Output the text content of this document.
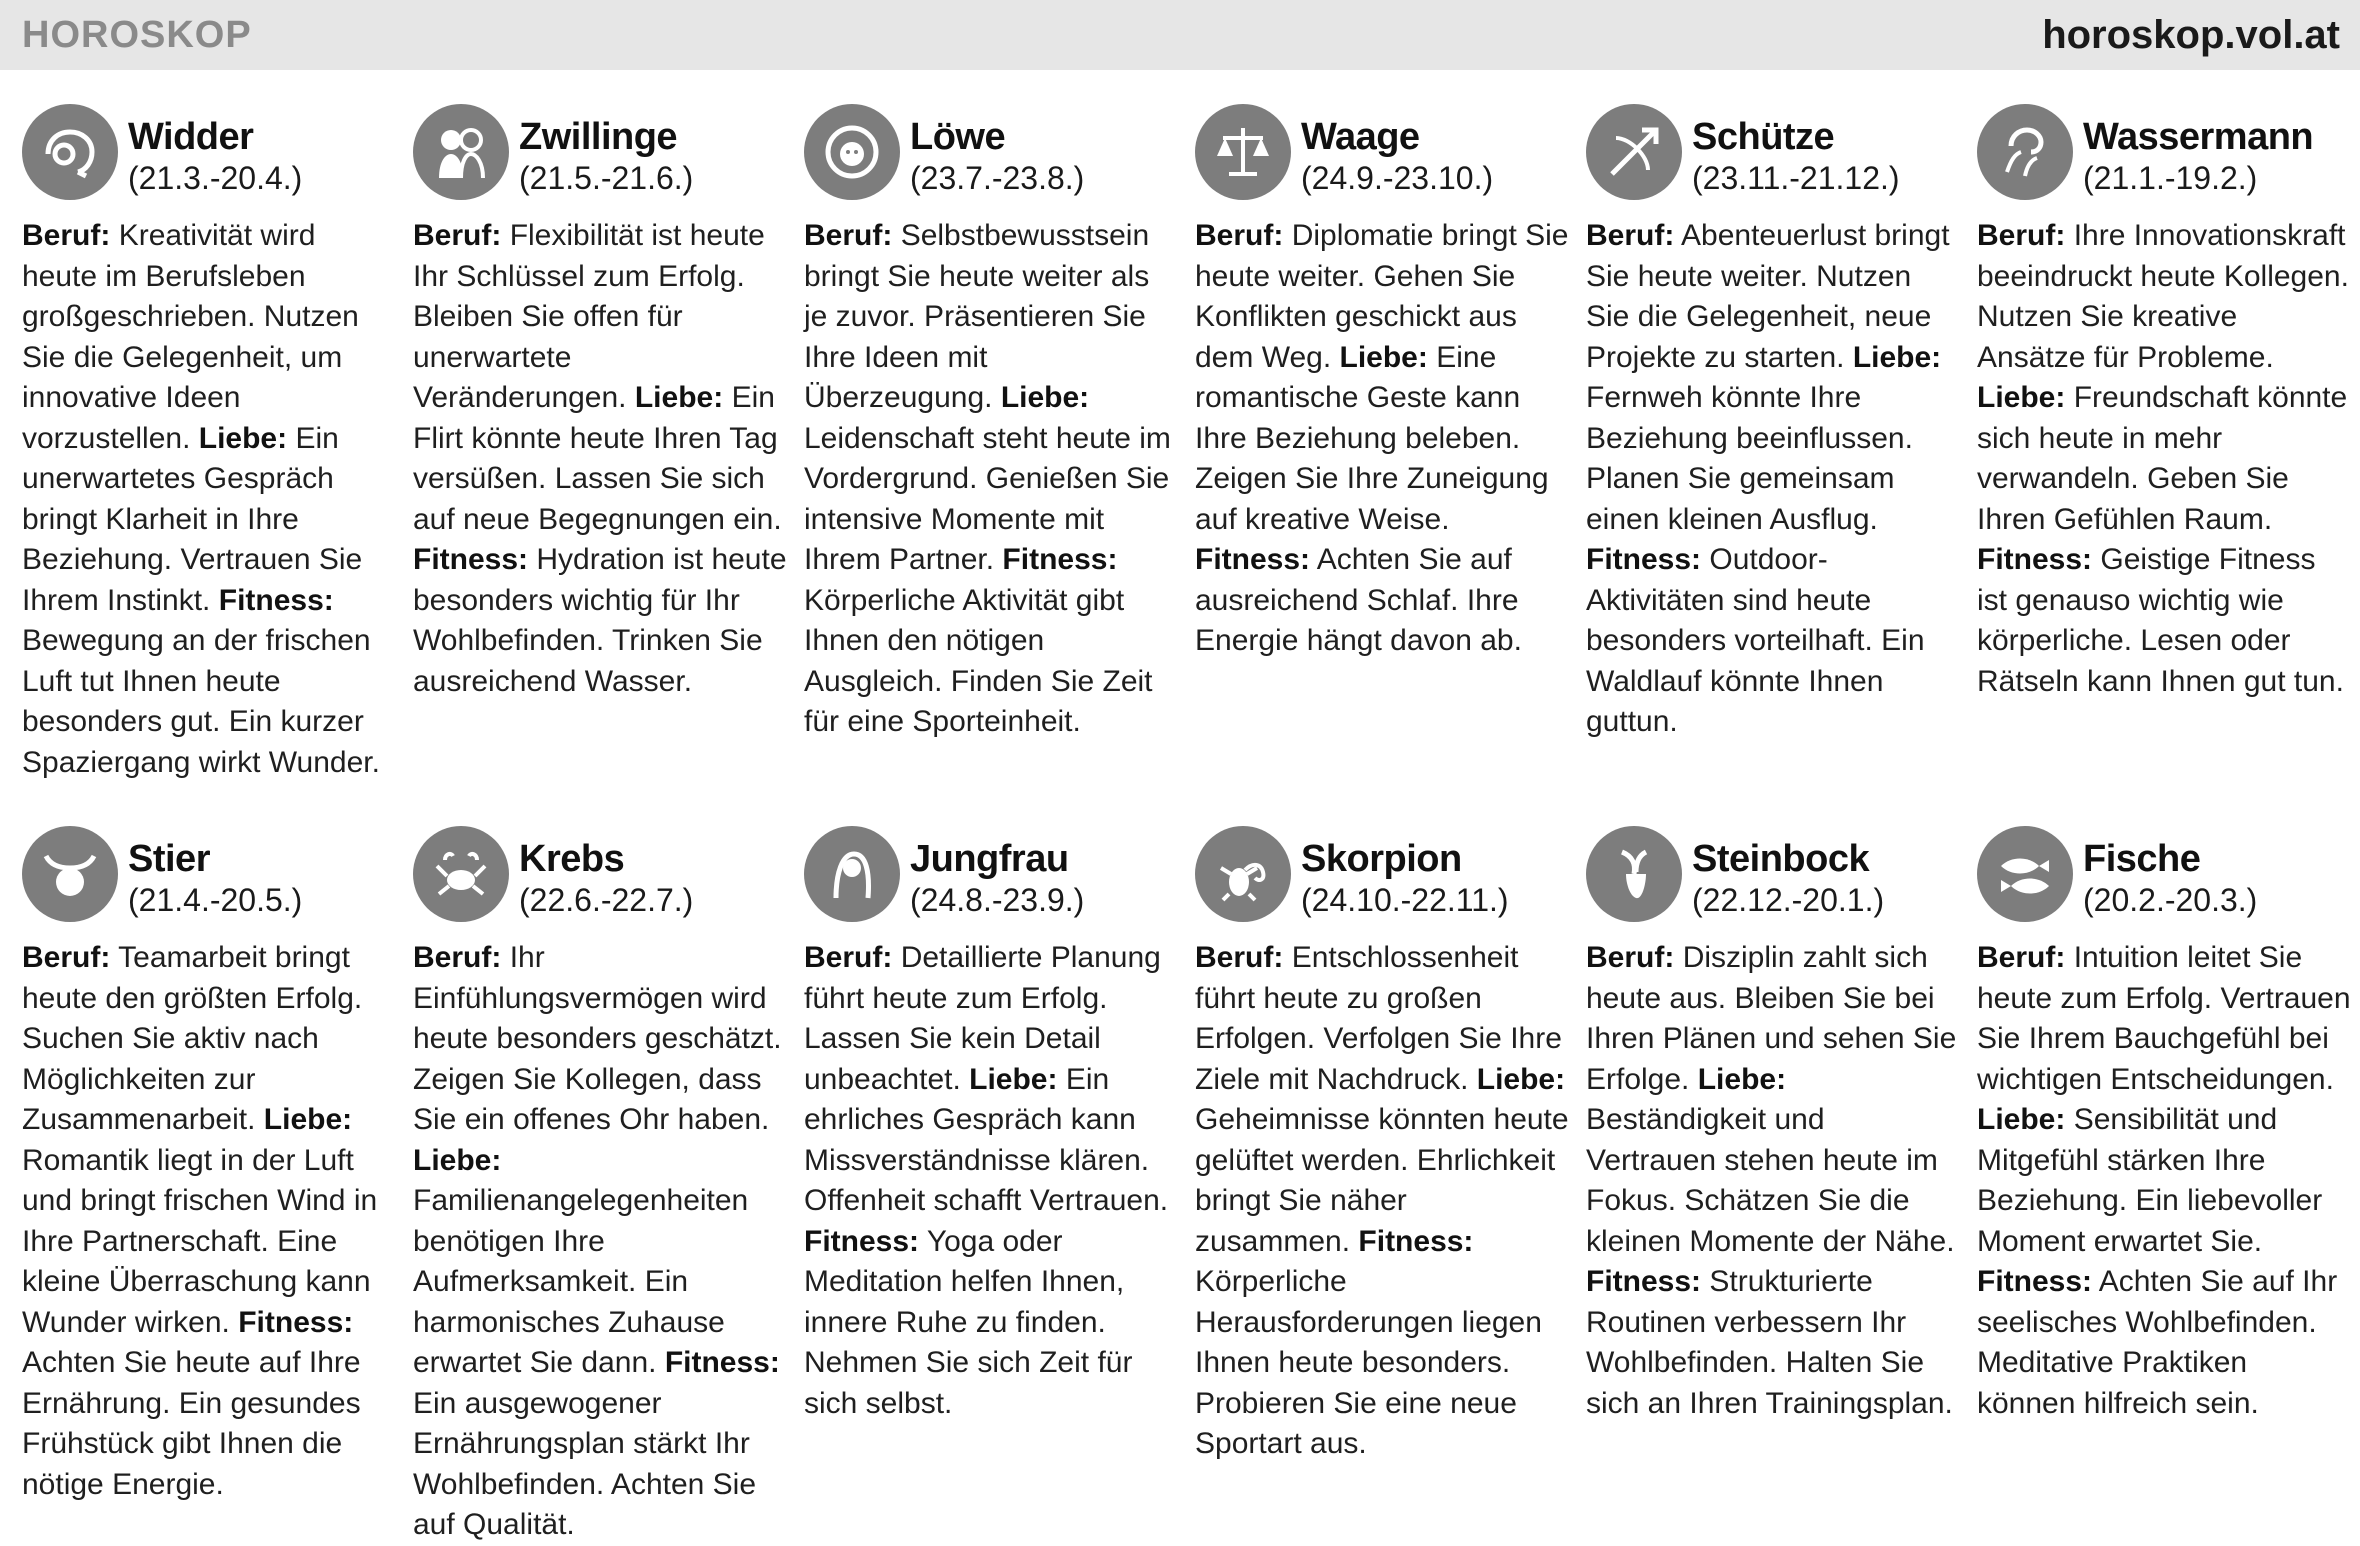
HOROSKOP	horoskop.vol.at
Widder
(21.3.-20.4.)
Beruf: Kreativität wird heute im Berufsleben großgeschrieben. Nutzen Sie die Gelegenheit, um innovative Ideen vorzustellen. Liebe: Ein unerwartetes Gespräch bringt Klarheit in Ihre Beziehung. Vertrauen Sie Ihrem Instinkt. Fitness: Bewegung an der frischen Luft tut Ihnen heute besonders gut. Ein kurzer Spaziergang wirkt Wunder.
Zwillinge
(21.5.-21.6.)
Beruf: Flexibilität ist heute Ihr Schlüssel zum Erfolg. Bleiben Sie offen für unerwartete Veränderungen. Liebe: Ein Flirt könnte heute Ihren Tag versüßen. Lassen Sie sich auf neue Begegnungen ein. Fitness: Hydration ist heute besonders wichtig für Ihr Wohlbefinden. Trinken Sie ausreichend Wasser.
Löwe
(23.7.-23.8.)
Beruf: Selbstbewusstsein bringt Sie heute weiter als je zuvor. Präsentieren Sie Ihre Ideen mit Überzeugung. Liebe: Leidenschaft steht heute im Vordergrund. Genießen Sie intensive Momente mit Ihrem Partner. Fitness: Körperliche Aktivität gibt Ihnen den nötigen Ausgleich. Finden Sie Zeit für eine Sporteinheit.
Waage
(24.9.-23.10.)
Beruf: Diplomatie bringt Sie heute weiter. Gehen Sie Konflikten geschickt aus dem Weg. Liebe: Eine romantische Geste kann Ihre Beziehung beleben. Zeigen Sie Ihre Zuneigung auf kreative Weise. Fitness: Achten Sie auf ausreichend Schlaf. Ihre Energie hängt davon ab.
Schütze
(23.11.-21.12.)
Beruf: Abenteuerlust bringt Sie heute weiter. Nutzen Sie die Gelegenheit, neue Projekte zu starten. Liebe: Fernweh könnte Ihre Beziehung beeinflussen. Planen Sie gemeinsam einen kleinen Ausflug. Fitness: Outdoor-Aktivitäten sind heute besonders vorteilhaft. Ein Waldlauf könnte Ihnen guttun.
Wassermann
(21.1.-19.2.)
Beruf: Ihre Innovationskraft beeindruckt heute Kollegen. Nutzen Sie kreative Ansätze für Probleme. Liebe: Freundschaft könnte sich heute in mehr verwandeln. Geben Sie Ihren Gefühlen Raum. Fitness: Geistige Fitness ist genauso wichtig wie körperliche. Lesen oder Rätseln kann Ihnen gut tun.
Stier
(21.4.-20.5.)
Beruf: Teamarbeit bringt heute den größten Erfolg. Suchen Sie aktiv nach Möglichkeiten zur Zusammenarbeit. Liebe: Romantik liegt in der Luft und bringt frischen Wind in Ihre Partnerschaft. Eine kleine Überraschung kann Wunder wirken. Fitness: Achten Sie heute auf Ihre Ernährung. Ein gesundes Frühstück gibt Ihnen die nötige Energie.
Krebs
(22.6.-22.7.)
Beruf: Ihr Einfühlungsvermögen wird heute besonders geschätzt. Zeigen Sie Kollegen, dass Sie ein offenes Ohr haben. Liebe: Familienangelegenheiten benötigen Ihre Aufmerksamkeit. Ein harmonisches Zuhause erwartet Sie dann. Fitness: Ein ausgewogener Ernährungsplan stärkt Ihr Wohlbefinden. Achten Sie auf Qualität.
Jungfrau
(24.8.-23.9.)
Beruf: Detaillierte Planung führt heute zum Erfolg. Lassen Sie kein Detail unbeachtet. Liebe: Ein ehrliches Gespräch kann Missverständnisse klären. Offenheit schafft Vertrauen. Fitness: Yoga oder Meditation helfen Ihnen, innere Ruhe zu finden. Nehmen Sie sich Zeit für sich selbst.
Skorpion
(24.10.-22.11.)
Beruf: Entschlossenheit führt heute zu großen Erfolgen. Verfolgen Sie Ihre Ziele mit Nachdruck. Liebe: Geheimnisse könnten heute gelüftet werden. Ehrlichkeit bringt Sie näher zusammen. Fitness: Körperliche Herausforderungen liegen Ihnen heute besonders. Probieren Sie eine neue Sportart aus.
Steinbock
(22.12.-20.1.)
Beruf: Disziplin zahlt sich heute aus. Bleiben Sie bei Ihren Plänen und sehen Sie Erfolge. Liebe: Beständigkeit und Vertrauen stehen heute im Fokus. Schätzen Sie die kleinen Momente der Nähe. Fitness: Strukturierte Routinen verbessern Ihr Wohlbefinden. Halten Sie sich an Ihren Trainingsplan.
Fische
(20.2.-20.3.)
Beruf: Intuition leitet Sie heute zum Erfolg. Vertrauen Sie Ihrem Bauchgefühl bei wichtigen Entscheidungen. Liebe: Sensibilität und Mitgefühl stärken Ihre Beziehung. Ein liebevoller Moment erwartet Sie. Fitness: Achten Sie auf Ihr seelisches Wohlbefinden. Meditative Praktiken können hilfreich sein.
